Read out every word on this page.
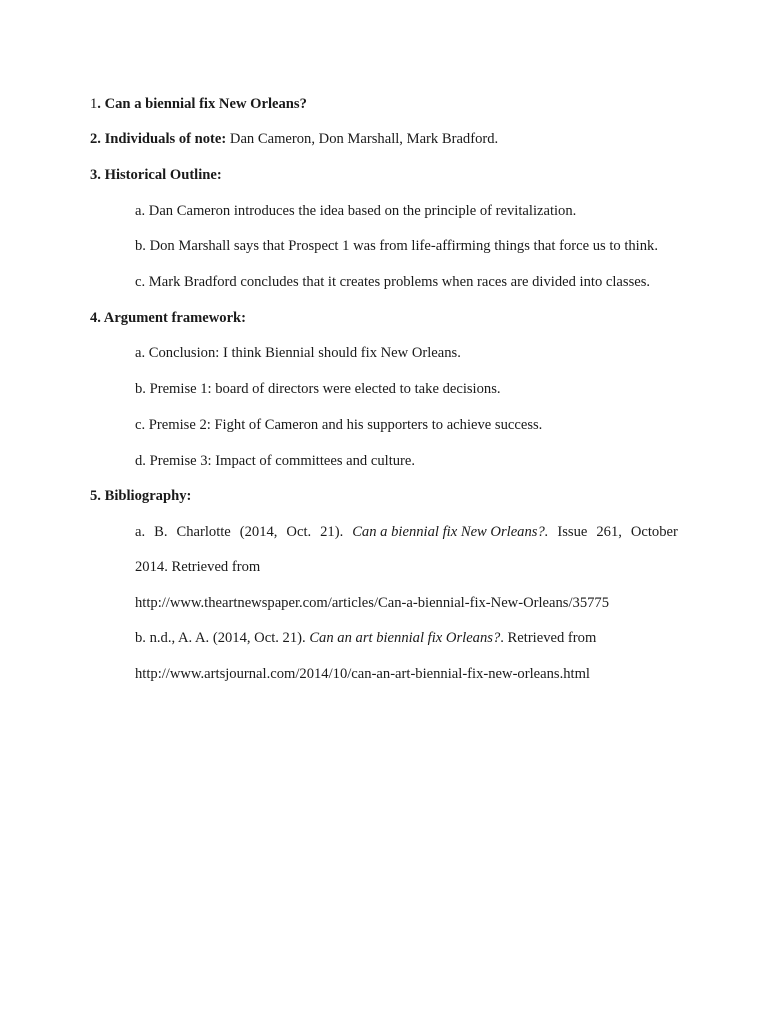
1. Can a biennial fix New Orleans?
2. Individuals of note: Dan Cameron, Don Marshall, Mark Bradford.
3. Historical Outline:
a. Dan Cameron introduces the idea based on the principle of revitalization.
b. Don Marshall says that Prospect 1 was from life-affirming things that force us to think.
c. Mark Bradford concludes that it creates problems when races are divided into classes.
4. Argument framework:
a. Conclusion: I think Biennial should fix New Orleans.
b. Premise 1: board of directors were elected to take decisions.
c. Premise 2: Fight of Cameron and his supporters to achieve success.
d. Premise 3: Impact of committees and culture.
5. Bibliography:
a. B. Charlotte (2014, Oct. 21). Can a biennial fix New Orleans?. Issue 261, October
2014. Retrieved from
http://www.theartnewspaper.com/articles/Can-a-biennial-fix-New-Orleans/35775
b. n.d., A. A. (2014, Oct. 21). Can an art biennial fix Orleans?. Retrieved from
http://www.artsjournal.com/2014/10/can-an-art-biennial-fix-new-orleans.html
